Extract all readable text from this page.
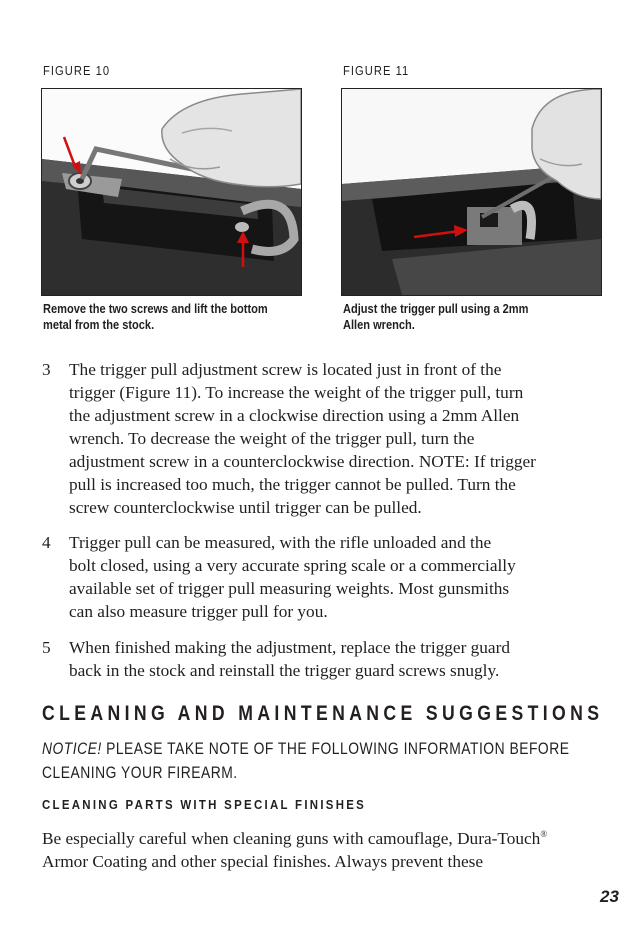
FIGURE 10
Remove the two screws and lift the bottom
metal from the stock.
FIGURE 11
Adjust the trigger pull using a 2mm
Allen wrench.
3 The trigger pull adjustment screw is located just in front of the
trigger (Figure 11). To increase the weight of the trigger pull, turn
the adjustment screw in a clockwise direction using a 2mm Allen
wrench. To decrease the weight of the trigger pull, turn the
adjustment screw in a counterclockwise direction. NOTE: If trigger
pull is increased too much, the trigger cannot be pulled. Turn the
screw counterclockwise until trigger can be pulled.
4 Trigger pull can be measured, with the rifle unloaded and the
bolt closed, using a very accurate spring scale or a commercially
available set of trigger pull measuring weights. Most gunsmiths
can also measure trigger pull for you.
5 When finished making the adjustment, replace the trigger guard
back in the stock and reinstall the trigger guard screws snugly.
CLEANING AND MAINTENANCE SUGGESTIONS
NOTICE! PLEASE TAKE NOTE OF THE FOLLOWING INFORMATION BEFORE
CLEANING YOUR FIREARM.
CLEANING PARTS WITH SPECIAL FINISHES
Be especially careful when cleaning guns with camouflage, Dura-Touch®
Armor Coating and other special finishes. Always prevent these
23
